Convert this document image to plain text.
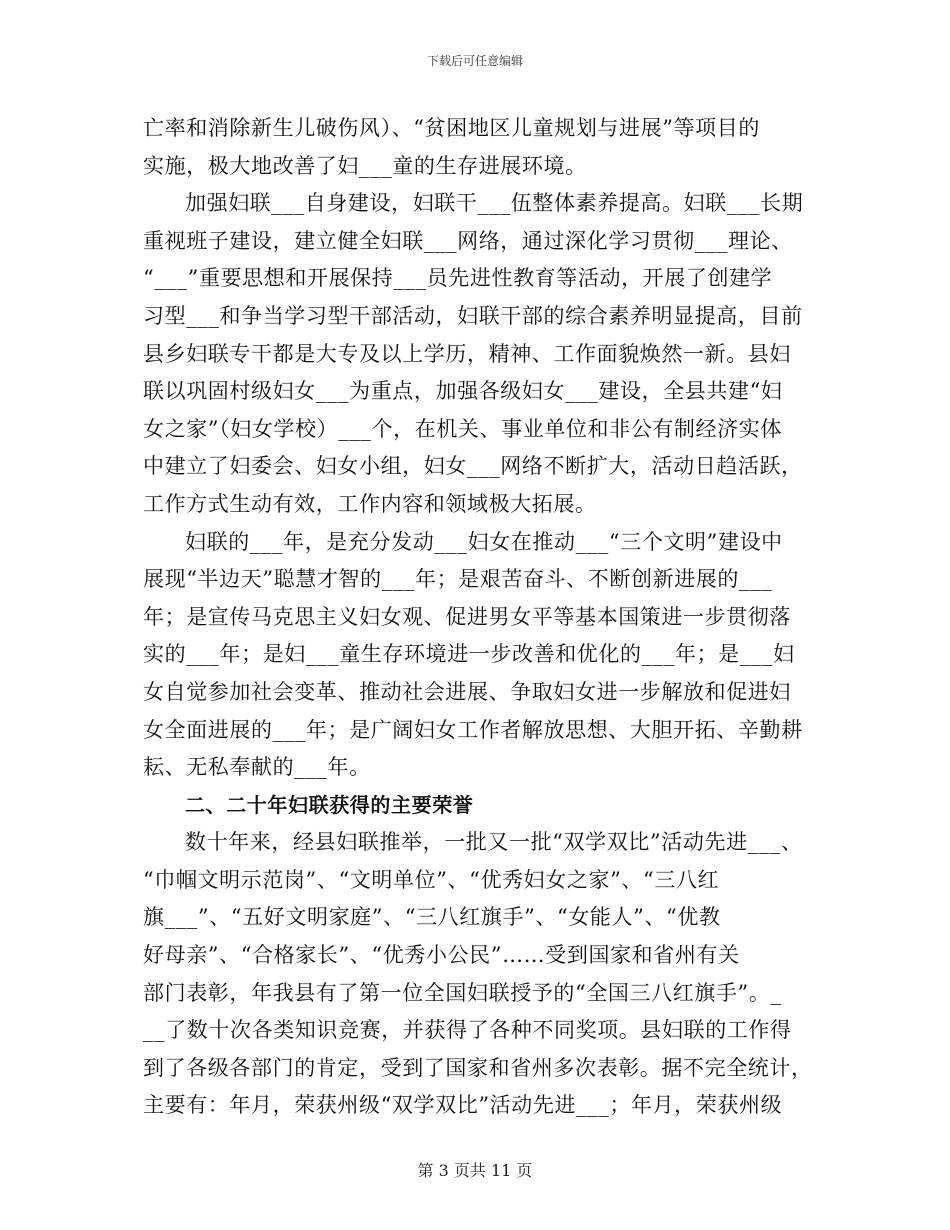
下载后可任意编辑
亡率和消除新生儿破伤风）、“贫困地区儿童规划与进展”等项目的
实施，极大地改善了妇___童的生存进展环境。
加强妇联___自身建设，妇联干___伍整体素养提高。妇联___长期
重视班子建设，建立健全妇联___网络，通过深化学习贯彻___理论、
“___”重要思想和开展保持___员先进性教育等活动，开展了创建学
习型___和争当学习型干部活动，妇联干部的综合素养明显提高，目前
县乡妇联专干都是大专及以上学历，精神、工作面貌焕然一新。县妇
联以巩固村级妇女___为重点，加强各级妇女___建设，全县共建“妇
女之家”（妇女学校）___个，在机关、事业单位和非公有制经济实体
中建立了妇委会、妇女小组，妇女___网络不断扩大，活动日趋活跃，
工作方式生动有效，工作内容和领域极大拓展。
妇联的___年，是充分发动___妇女在推动___“三个文明”建设中
展现“半边天”聪慧才智的___年；是艰苦奋斗、不断创新进展的___
年；是宣传马克思主义妇女观、促进男女平等基本国策进一步贯彻落
实的___年；是妇___童生存环境进一步改善和优化的___年；是___妇
女自觉参加社会变革、推动社会进展、争取妇女进一步解放和促进妇
女全面进展的___年；是广阔妇女工作者解放思想、大胆开拓、辛勤耕
耘、无私奉献的___年。
二、二十年妇联获得的主要荣誉
数十年来，经县妇联推举，一批又一批“双学双比”活动先进___、
“巾帼文明示范岗”、“文明单位”、“优秀妇女之家”、“三八红
旗___”、“五好文明家庭”、“三八红旗手”、“女能人”、“优教
好母亲”、“合格家长”、“优秀小公民”……受到国家和省州有关
部门表彰，年我县有了第一位全国妇联授予的“全国三八红旗手”。_
__了数十次各类知识竞赛，并获得了各种不同奖项。县妇联的工作得
到了各级各部门的肯定，受到了国家和省州多次表彰。据不完全统计，
主要有：年月，荣获州级“双学双比”活动先进___；年月，荣获州级
第 3 页共 11 页
